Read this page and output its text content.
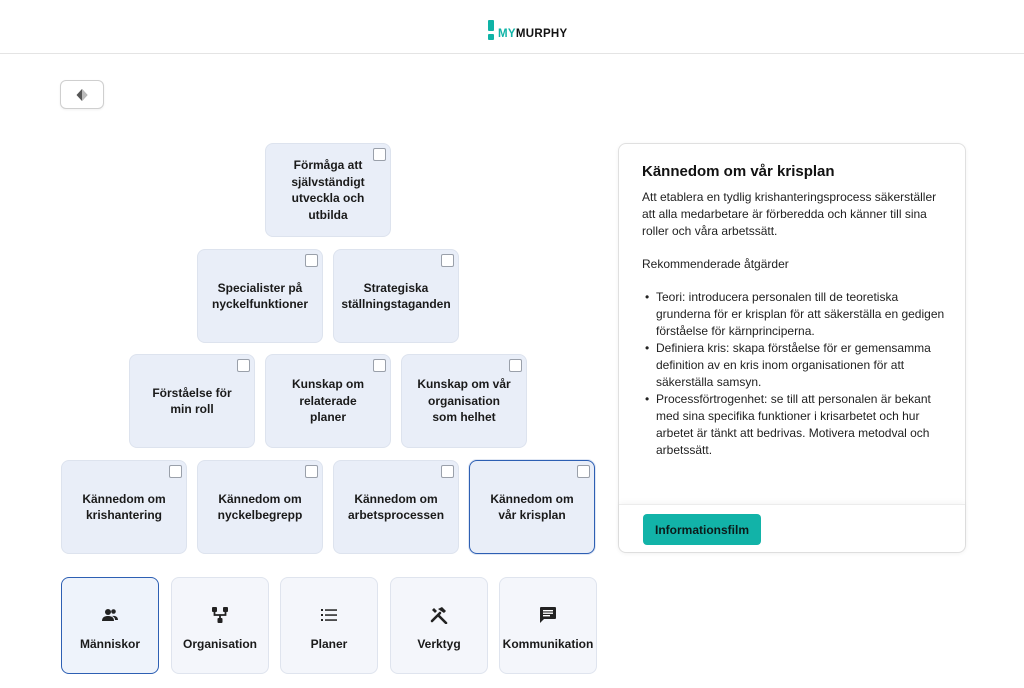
MYMURPHY
Förmåga att självständigt utveckla och utbilda
Specialister på nyckelfunktioner
Strategiska ställningstaganden
Förståelse för min roll
Kunskap om relaterade planer
Kunskap om vår organisation som helhet
Kännedom om krishantering
Kännedom om nyckelbegrepp
Kännedom om arbetsprocessen
Kännedom om vår krisplan
Människor	Organisation	Planer	Verktyg	Kommunikation
Kännedom om vår krisplan

Att etablera en tydlig krishanteringsprocess säkerställer att alla medarbetare är förberedda och känner till sina roller och våra arbetssätt.

Rekommenderade åtgärder

• Teori: introducera personalen till de teoretiska grunderna för er krisplan för att säkerställa en gedigen förståelse för kärnprinciperna.
• Definiera kris: skapa förståelse för er gemensamma definition av en kris inom organisationen för att säkerställa samsyn.
• Processförtrogenhet: se till att personalen är bekant med sina specifika funktioner i krisarbetet och hur arbetet är tänkt att bedrivas. Motivera metodval och arbetssätt.
Informationsfilm
